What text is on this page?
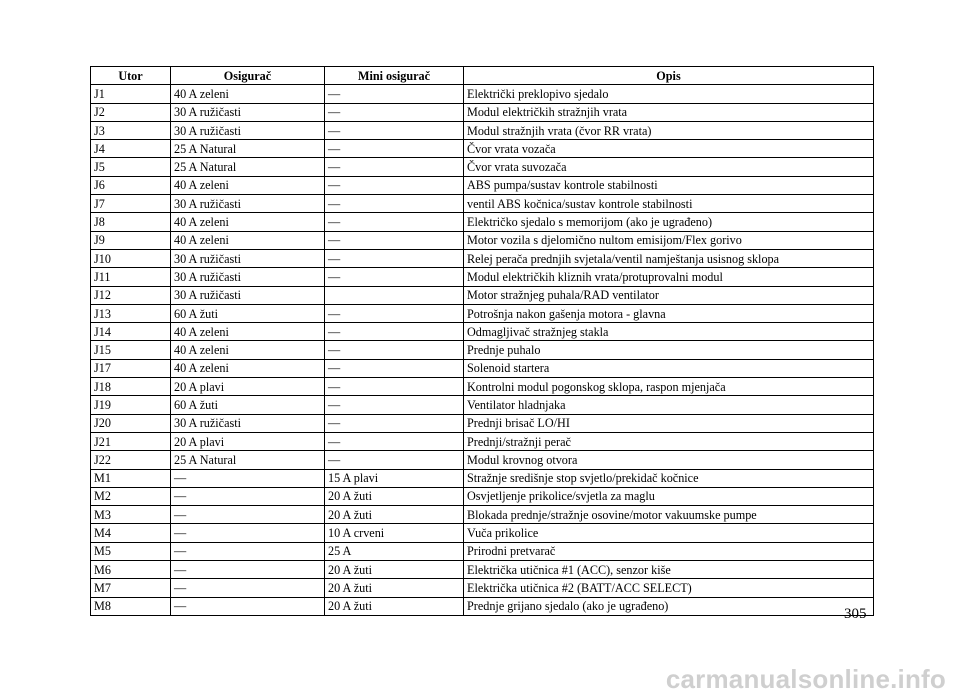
Utor	Osigurač	Mini osigurač	Opis
J1	40 A zeleni	—	Električki preklopivo sjedalo
J2	30 A ružičasti	—	Modul električkih stražnjih vrata
J3	30 A ružičasti	—	Modul stražnjih vrata (čvor RR vrata)
J4	25 A Natural	—	Čvor vrata vozača
J5	25 A Natural	—	Čvor vrata suvozača
J6	40 A zeleni	—	ABS pumpa/sustav kontrole stabilnosti
J7	30 A ružičasti	—	ventil ABS kočnica/sustav kontrole stabilnosti
J8	40 A zeleni	—	Električko sjedalo s memorijom (ako je ugrađeno)
J9	40 A zeleni	—	Motor vozila s djelomično nultom emisijom/Flex gorivo
J10	30 A ružičasti	—	Relej perača prednjih svjetala/ventil namještanja usisnog sklopa
J11	30 A ružičasti	—	Modul električkih kliznih vrata/protuprovalni modul
J12	30 A ružičasti		Motor stražnjeg puhala/RAD ventilator
J13	60 A žuti	—	Potrošnja nakon gašenja motora - glavna
J14	40 A zeleni	—	Odmagljivač stražnjeg stakla
J15	40 A zeleni	—	Prednje puhalo
J17	40 A zeleni	—	Solenoid startera
J18	20 A plavi	—	Kontrolni modul pogonskog sklopa, raspon mjenjača
J19	60 A žuti	—	Ventilator hladnjaka
J20	30 A ružičasti	—	Prednji brisač LO/HI
J21	20 A plavi	—	Prednji/stražnji perač
J22	25 A Natural	—	Modul krovnog otvora
M1	—	15 A plavi	Stražnje središnje stop svjetlo/prekidač kočnice
M2	—	20 A žuti	Osvjetljenje prikolice/svjetla za maglu
M3	—	20 A žuti	Blokada prednje/stražnje osovine/motor vakuumske pumpe
M4	—	10 A crveni	Vuča prikolice
M5	—	25 A	Prirodni pretvarač
M6	—	20 A žuti	Električka utičnica #1 (ACC), senzor kiše
M7	—	20 A žuti	Električka utičnica #2 (BATT/ACC SELECT)
M8	—	20 A žuti	Prednje grijano sjedalo (ako je ugrađeno)	305
carmanualsonline.info
